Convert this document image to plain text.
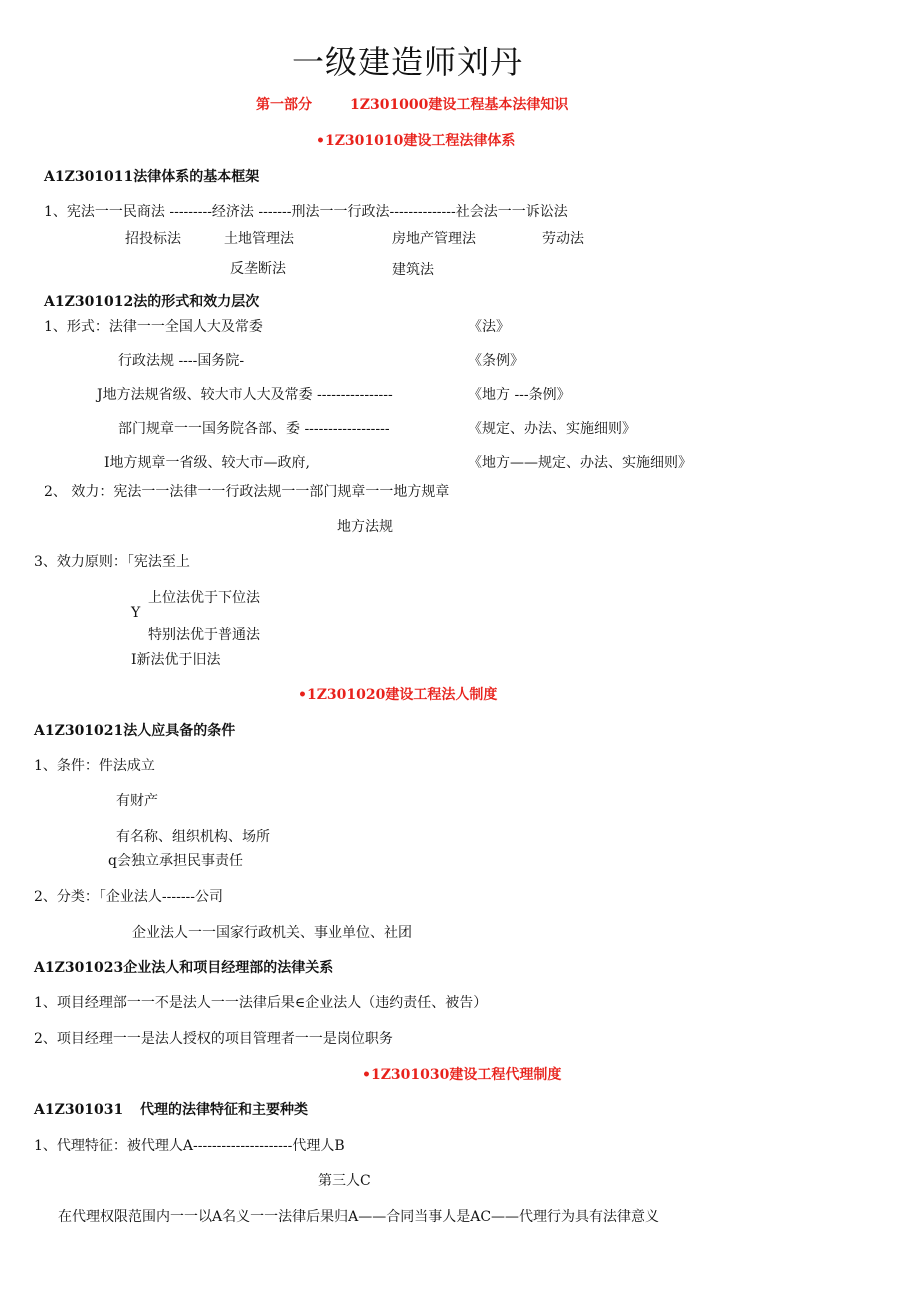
一级建造师刘丹
第一部分	1Z301000建设工程基本法律知识
•1Z301010建设工程法律体系
A1Z301011法律体系的基本框架
1、宪法一一民商法 ---------经济法 -------刑法一一行政法--------------社会法一一诉讼法
招投标法	土地管理法	房地产管理法	劳动法
反垄断法	建筑法
A1Z301012法的形式和效力层次
1、形式：法律一一全国人大及常委	《法》
行政法规 ----国务院-	《条例》
J地方法规省级、较大市人大及常委 ----------------	《地方 ---条例》
部门规章一一国务院各部、委 ------------------	《规定、办法、实施细则》
I地方规章一省级、较大市—政府,	《地方——规定、办法、实施细则》
2、 效力：宪法一一法律一一行政法规一一部门规章一一地方规章
地方法规
3、效力原则：「宪法至上
上位法优于下位法
Y
特别法优于普通法
I新法优于旧法
•1Z301020建设工程法人制度
A1Z301021法人应具备的条件
1、条件：件法成立
有财产
有名称、组织机构、场所
q会独立承担民事责任
2、分类：「企业法人-------公司
企业法人一一国家行政机关、事业单位、社团
A1Z301023企业法人和项目经理部的法律关系
1、项目经理部一一不是法人一一法律后果∈企业法人（违约责任、被告）
2、项目经理一一是法人授权的项目管理者一一是岗位职务
•1Z301030建设工程代理制度
A1Z301031 代理的法律特征和主要种类
1、代理特征：被代理人A---------------------代理人B
第三人C
在代理权限范围内一一以A名义一一法律后果归A——合同当事人是AC——代理行为具有法律意义
